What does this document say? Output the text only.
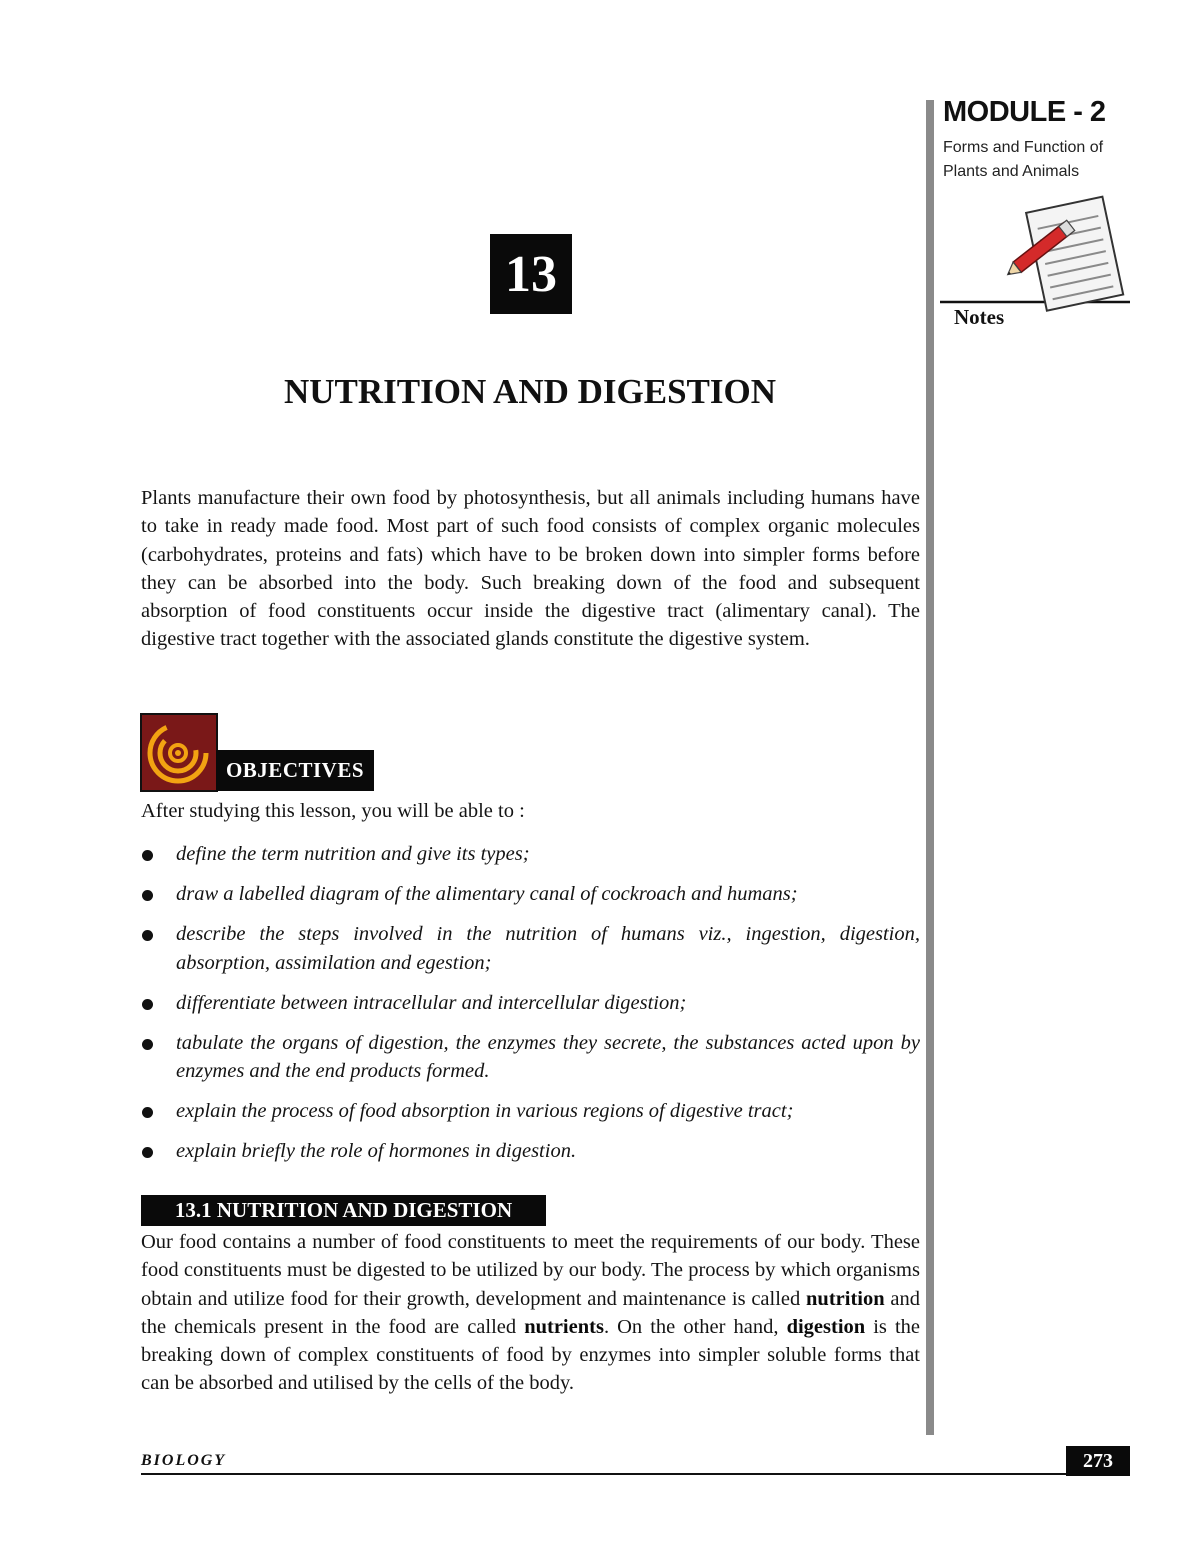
MODULE - 2

Forms and Function of Plants and Animals

Notes
13
NUTRITION AND DIGESTION

Plants manufacture their own food by photosynthesis, but all animals including humans have to take in ready made food. Most part of such food consists of complex organic molecules (carbohydrates, proteins and fats) which have to be broken down into simpler forms before they can be absorbed into the body. Such breaking down of the food and subsequent absorption of food constituents occur inside the digestive tract (alimentary canal). The digestive tract together with the associated glands constitute the digestive system.

OBJECTIVES

After studying this lesson, you will be able to :

define the term nutrition and give its types;
draw a labelled diagram of the alimentary canal of cockroach and humans;
describe the steps involved in the nutrition of humans viz., ingestion, digestion, absorption, assimilation and egestion;
differentiate between intracellular and intercellular digestion;
tabulate the organs of digestion, the enzymes they secrete, the substances acted upon by enzymes and the end products formed.
explain the process of food absorption in various regions of digestive tract;
explain briefly the role of hormones in digestion.
13.1 NUTRITION AND DIGESTION

Our food contains a number of food constituents to meet the requirements of our body. These food constituents must be digested to be utilized by our body. The process by which organisms obtain and utilize food for their growth, development and maintenance is called nutrition and the chemicals present in the food are called nutrients. On the other hand, digestion is the breaking down of complex constituents of food by enzymes into simpler soluble forms that can be absorbed and utilised by the cells of the body.

BIOLOGY	273
